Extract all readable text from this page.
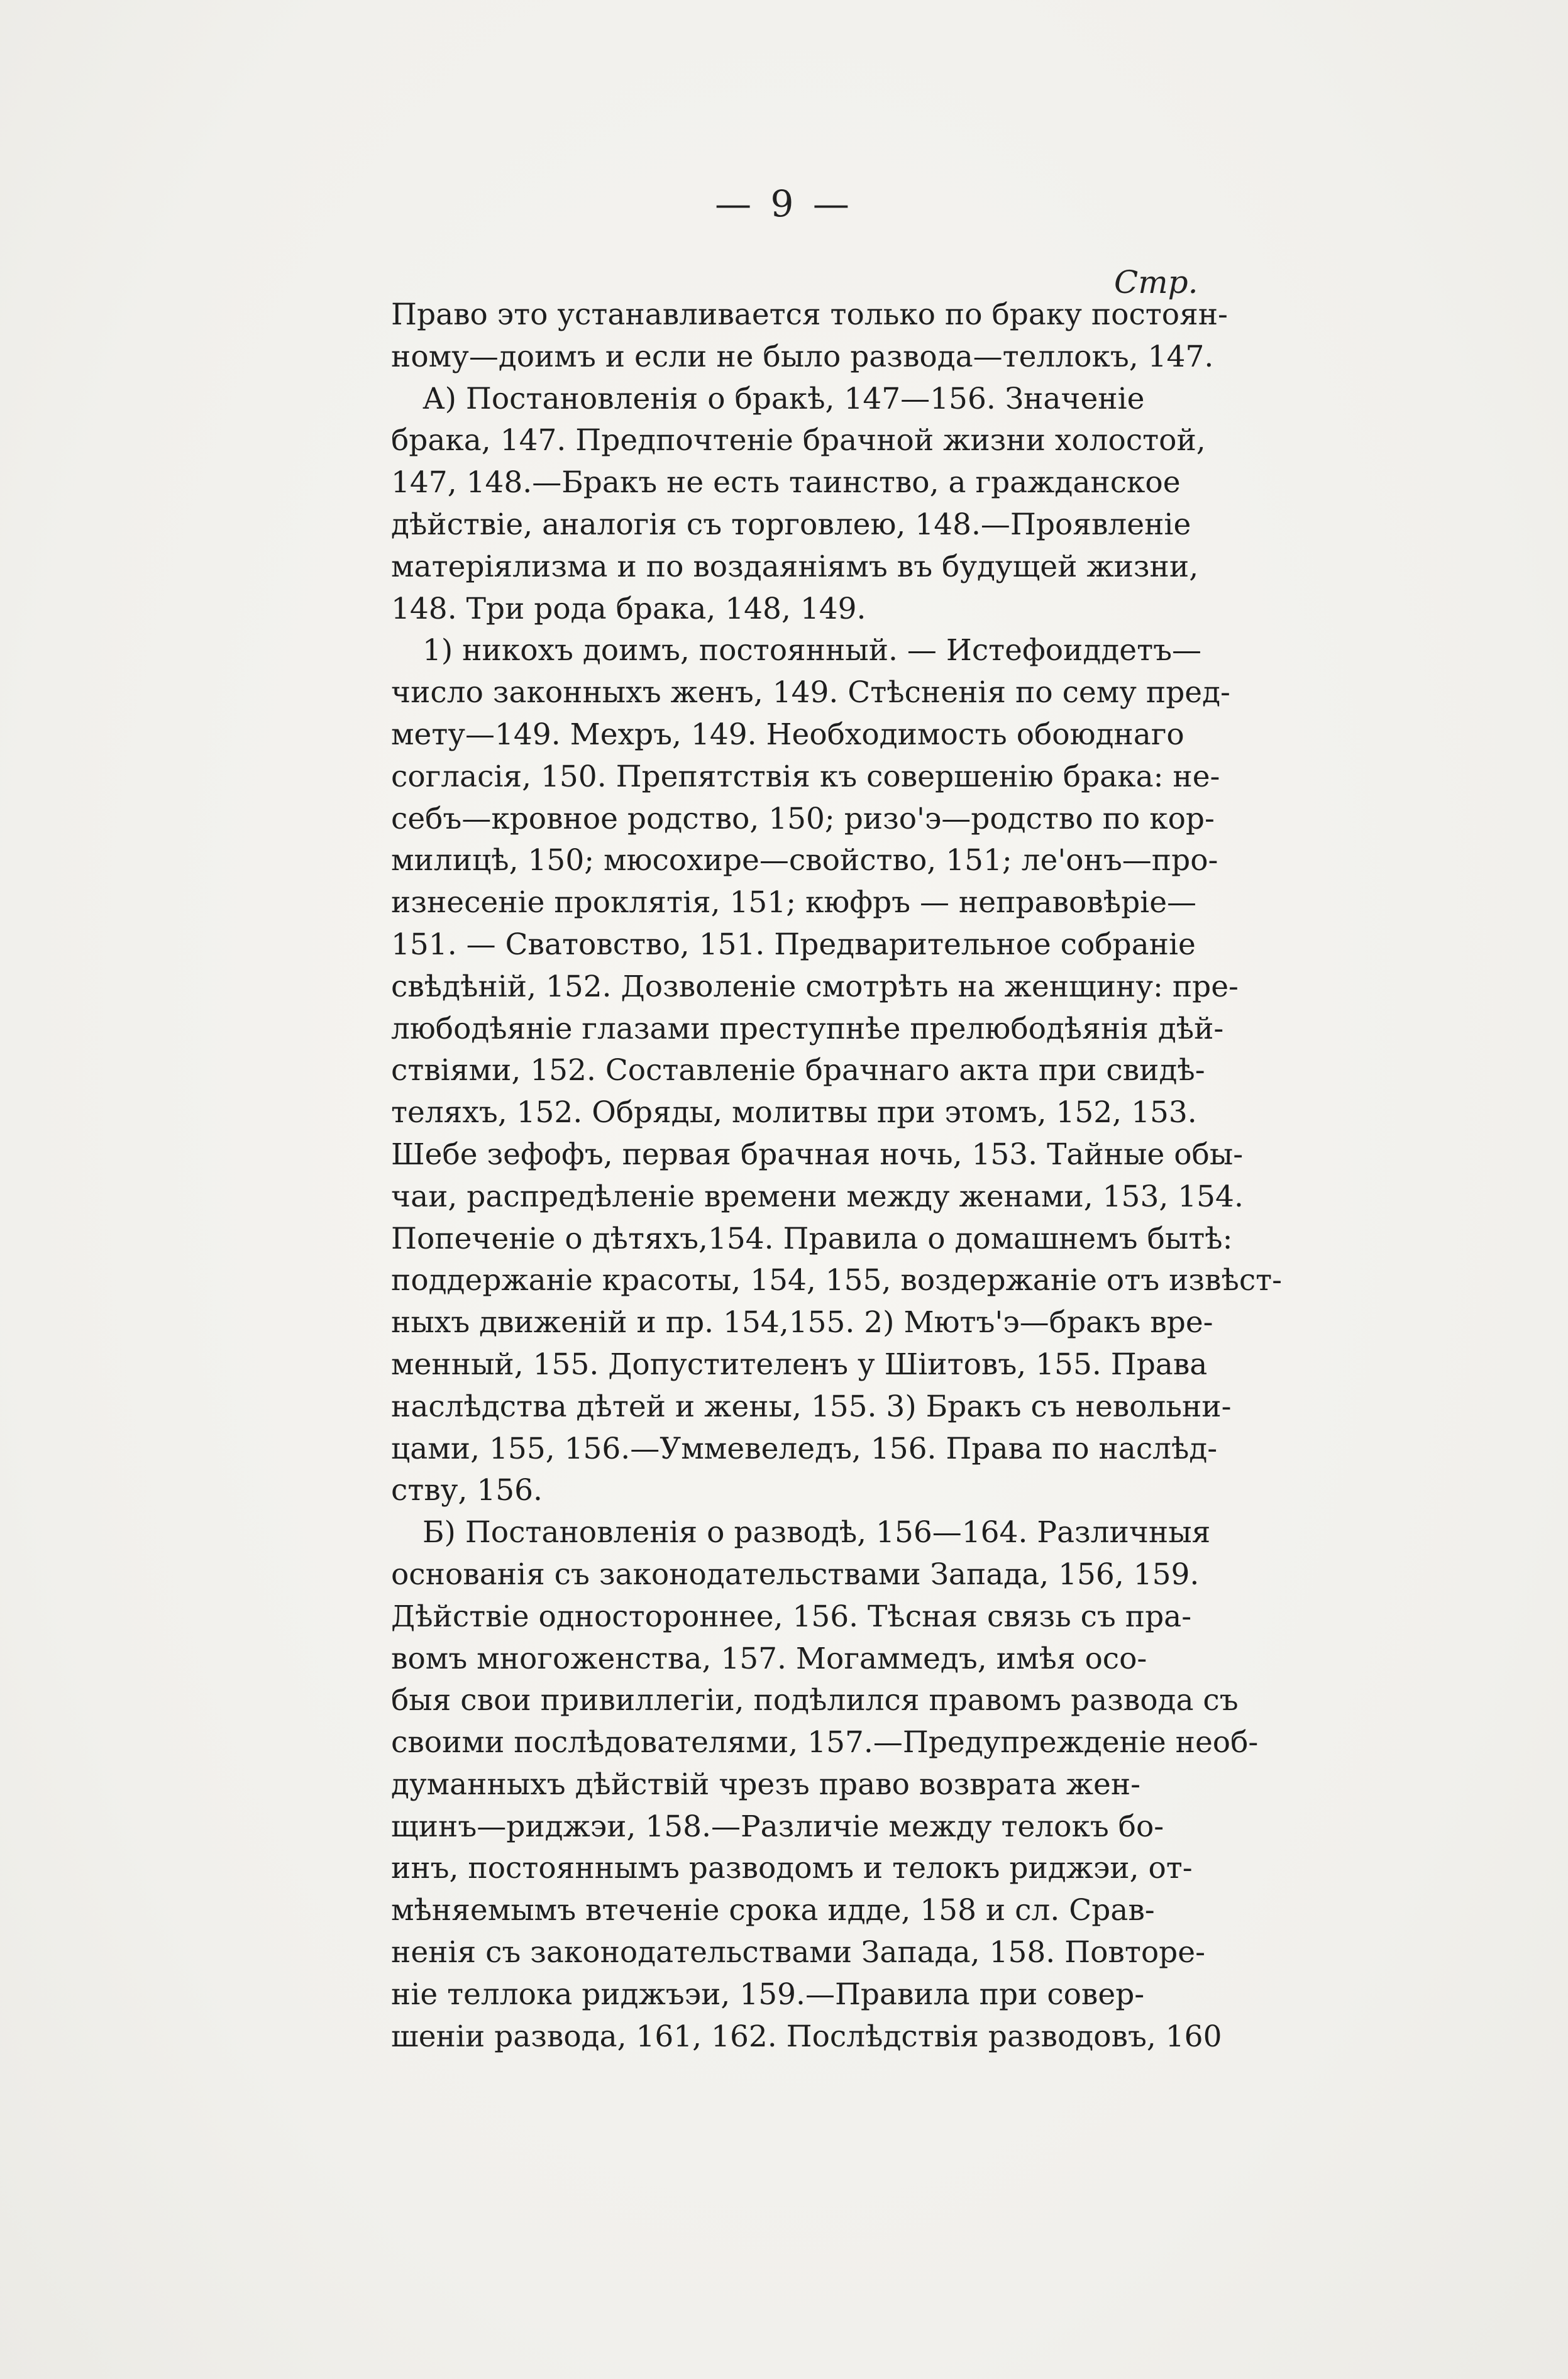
— 9 —
Стр.
Право это устанавливается только по браку постоян-
ному—доимъ и если не было развода—теллокъ, 147.
А) Постановленія о бракѣ, 147—156. Значеніе
брака, 147. Предпочтеніе брачной жизни холостой,
147, 148.—Бракъ не есть таинство, а гражданское
дѣйствіе, аналогія съ торговлею, 148.—Проявленіе
матеріялизма и по воздаяніямъ въ будущей жизни,
148. Три рода брака, 148, 149.
1) никохъ доимъ, постоянный. — Истефоиддетъ—
число законныхъ женъ, 149. Стѣсненія по сему пред-
мету—149. Мехръ, 149. Необходимость обоюднаго
согласія, 150. Препятствія къ совершенію брака: не-
себъ—кровное родство, 150; ризо'э—родство по кор-
милицѣ, 150; мюсохире—свойство, 151; ле'онъ—про-
изнесеніе проклятія, 151; кюфръ — неправовѣріе—
151. — Сватовство, 151. Предварительное собраніе
свѣдѣній, 152. Дозволеніе смотрѣть на женщину: пре-
любодѣяніе глазами преступнѣе прелюбодѣянія дѣй-
ствіями, 152. Составленіе брачнаго акта при свидѣ-
теляхъ, 152. Обряды, молитвы при этомъ, 152, 153.
Шебе зефофъ, первая брачная ночь, 153. Тайные обы-
чаи, распредѣленіе времени между женами, 153, 154.
Попеченіе о дѣтяхъ,154. Правила о домашнемъ бытѣ:
поддержаніе красоты, 154, 155, воздержаніе отъ извѣст-
ныхъ движеній и пр. 154,155. 2) Мютъ'э—бракъ вре-
менный, 155. Допустителенъ у Шіитовъ, 155. Права
наслѣдства дѣтей и жены, 155. 3) Бракъ съ невольни-
цами, 155, 156.—Уммевеледъ, 156. Права по наслѣд-
ству, 156.
Б) Постановленія о разводѣ, 156—164. Различныя
основанія съ законодательствами Запада, 156, 159.
Дѣйствіе одностороннее, 156. Тѣсная связь съ пра-
вомъ многоженства, 157. Могаммедъ, имѣя осо-
быя свои привиллегіи, подѣлился правомъ развода съ
своими послѣдователями, 157.—Предупрежденіе необ-
думанныхъ дѣйствій чрезъ право возврата жен-
щинъ—риджэи, 158.—Различіе между телокъ бо-
инъ, постояннымъ разводомъ и телокъ риджэи, от-
мѣняемымъ втеченіе срока идде, 158 и сл. Срав-
ненія съ законодательствами Запада, 158. Повторе-
ніе теллока риджъэи, 159.—Правила при совер-
шеніи развода, 161, 162. Послѣдствія разводовъ, 160
